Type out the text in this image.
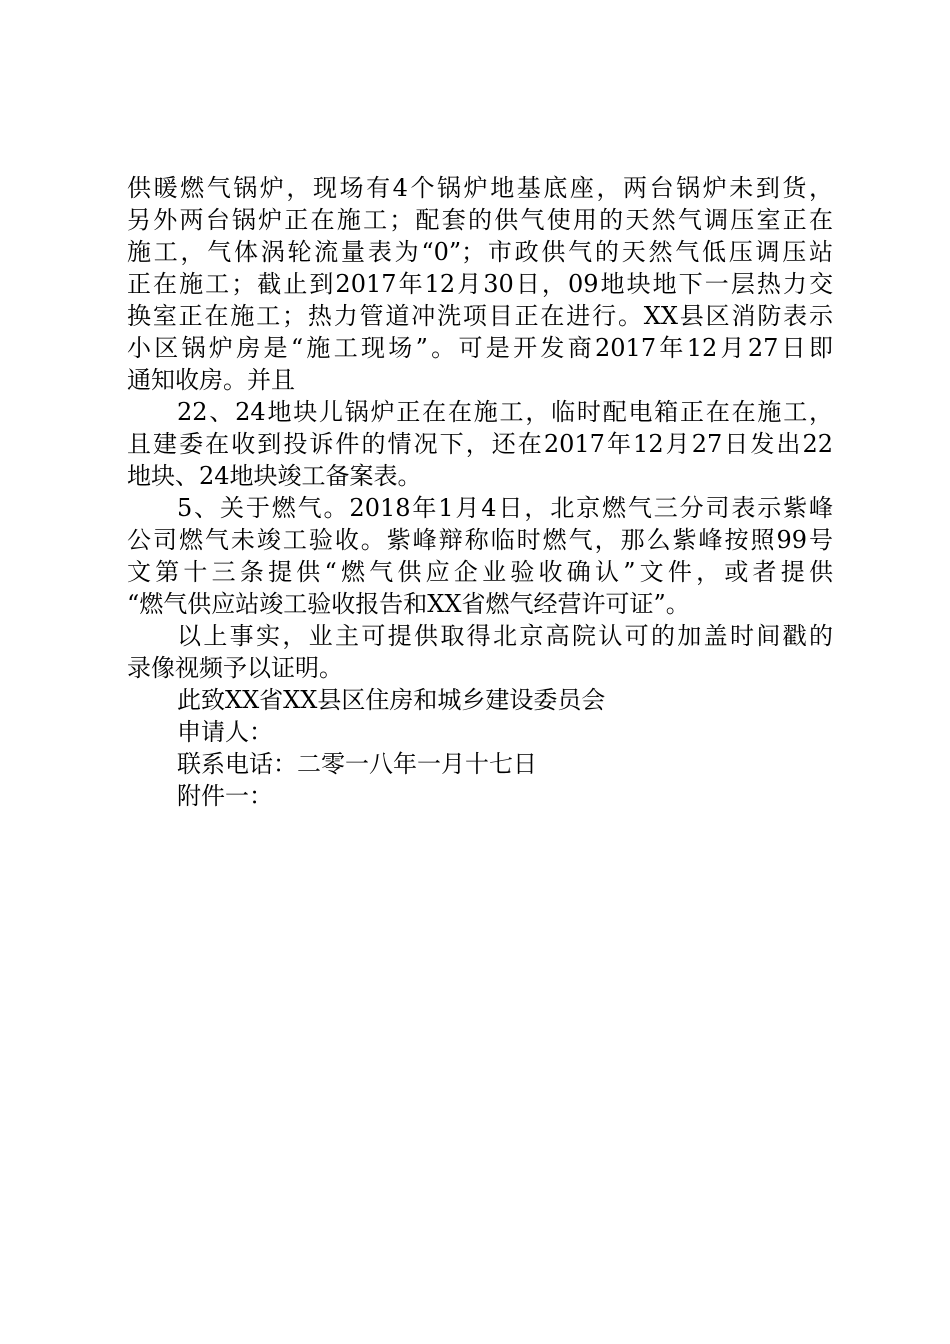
供暖燃气锅炉，现场有4个锅炉地基底座，两台锅炉未到货，
另外两台锅炉正在施工；配套的供气使用的天然气调压室正在
施工，气体涡轮流量表为“0”；市政供气的天然气低压调压站
正在施工；截止到2017年12月30日，09地块地下一层热力交
换室正在施工；热力管道冲洗项目正在进行。XX县区消防表示
小区锅炉房是“施工现场”。可是开发商2017年12月27日即
通知收房。并且
22、24地块儿锅炉正在在施工，临时配电箱正在在施工，
且建委在收到投诉件的情况下，还在2017年12月27日发出22
地块、24地块竣工备案表。
5、关于燃气。2018年1月4日，北京燃气三分司表示紫峰
公司燃气未竣工验收。紫峰辩称临时燃气，那么紫峰按照99号
文第十三条提供“燃气供应企业验收确认”文件，或者提供
“燃气供应站竣工验收报告和XX省燃气经营许可证”。
以上事实，业主可提供取得北京高院认可的加盖时间戳的
录像视频予以证明。
此致XX省XX县区住房和城乡建设委员会
申请人：
联系电话：二零一八年一月十七日
附件一：
